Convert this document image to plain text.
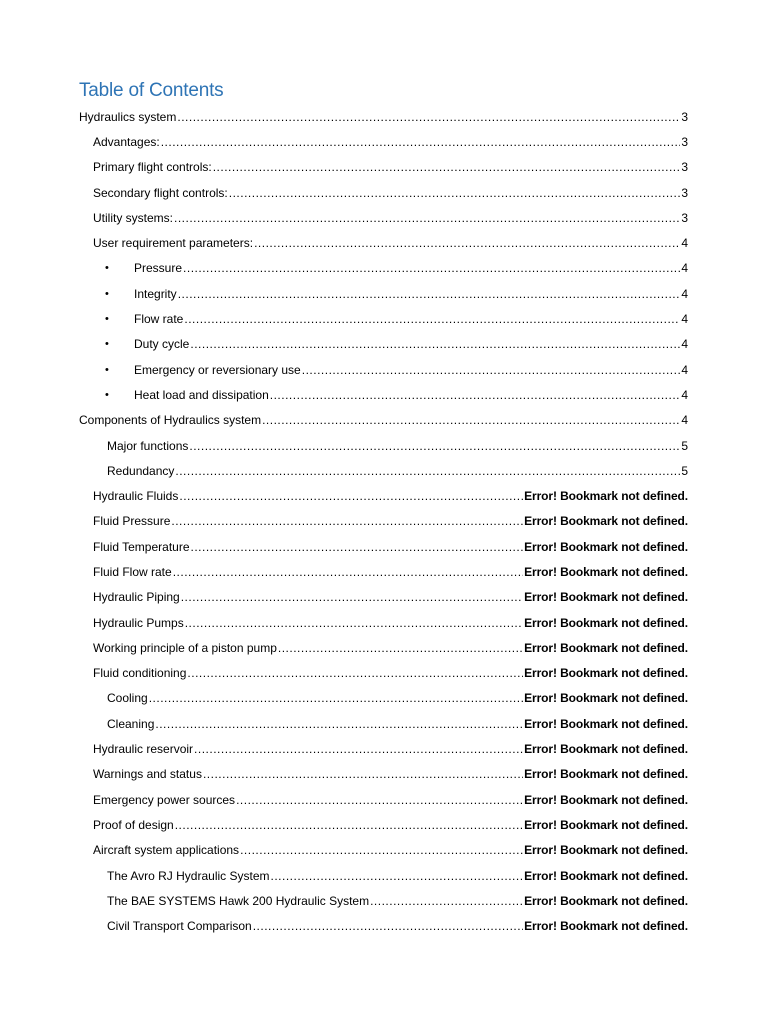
Table of Contents
Hydraulics system .....	3
Advantages: .....	3
Primary flight controls: .....	3
Secondary flight controls: .....	3
Utility systems: .....	3
User requirement parameters: .....	4
•	Pressure .....	4
•	Integrity .....	4
•	Flow rate .....	4
•	Duty cycle .....	4
•	Emergency or reversionary use .....	4
•	Heat load and dissipation .....	4
Components of Hydraulics system .....	4
Major functions .....	5
Redundancy .....	5
Hydraulic Fluids .....	Error! Bookmark not defined.
Fluid Pressure .....	Error! Bookmark not defined.
Fluid Temperature .....	Error! Bookmark not defined.
Fluid Flow rate .....	Error! Bookmark not defined.
Hydraulic Piping .....	Error! Bookmark not defined.
Hydraulic Pumps .....	Error! Bookmark not defined.
Working principle of a piston pump .....	Error! Bookmark not defined.
Fluid conditioning .....	Error! Bookmark not defined.
Cooling .....	Error! Bookmark not defined.
Cleaning .....	Error! Bookmark not defined.
Hydraulic reservoir .....	Error! Bookmark not defined.
Warnings and status .....	Error! Bookmark not defined.
Emergency power sources .....	Error! Bookmark not defined.
Proof of design .....	Error! Bookmark not defined.
Aircraft system applications .....	Error! Bookmark not defined.
The Avro RJ Hydraulic System .....	Error! Bookmark not defined.
The BAE SYSTEMS Hawk 200 Hydraulic System .....	Error! Bookmark not defined.
Civil Transport Comparison .....	Error! Bookmark not defined.
